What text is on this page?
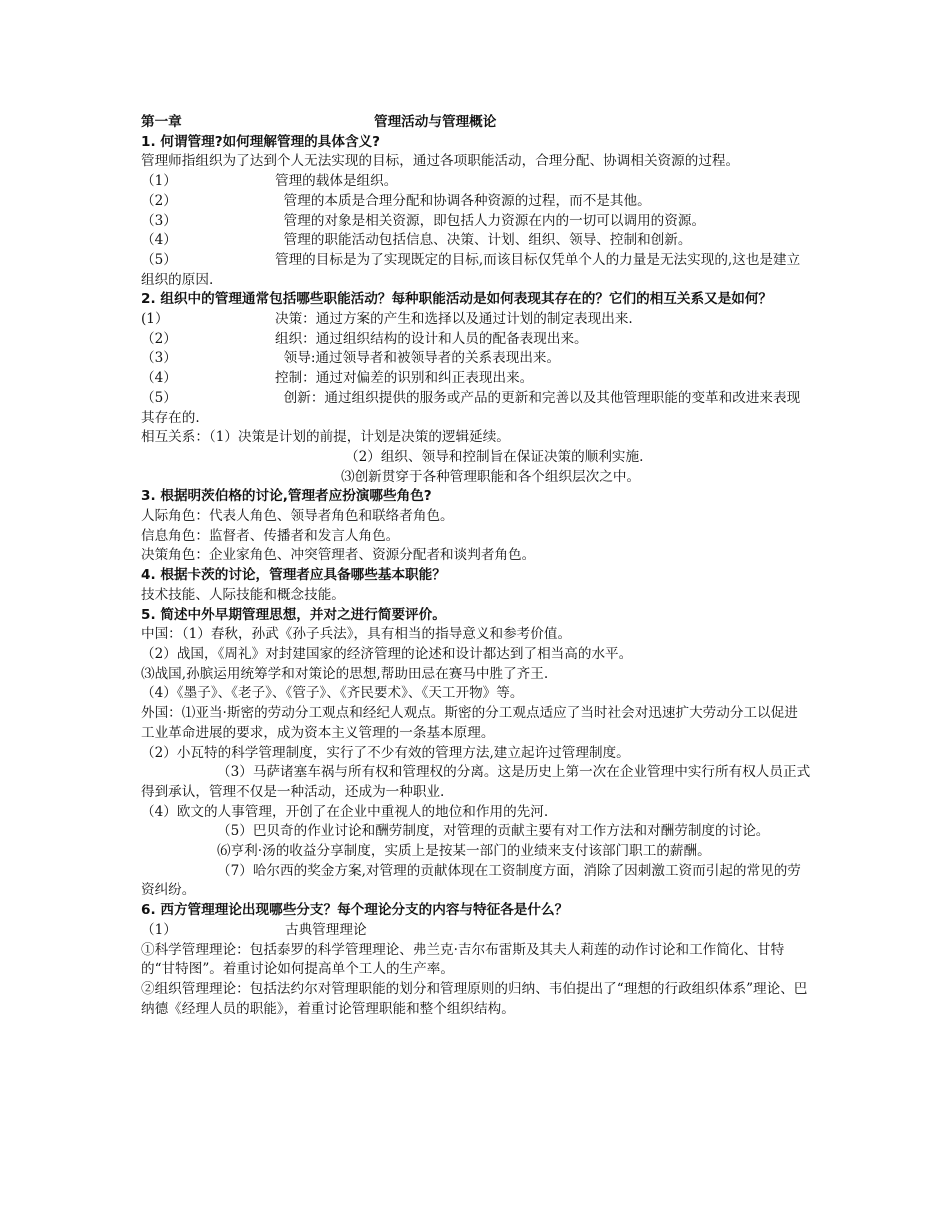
第一章	管理活动与管理概论

1. 何谓管理?如何理解管理的具体含义?

管理师指组织为了达到个人无法实现的目标，通过各项职能活动，合理分配、协调相关资源的过程。

（1）	管理的载体是组织。
（2）	管理的本质是合理分配和协调各种资源的过程，而不是其他。
（3）	管理的对象是相关资源，即包括人力资源在内的一切可以调用的资源。
（4）	管理的职能活动包括信息、决策、计划、组织、领导、控制和创新。

（5）	管理的目标是为了实现既定的目标,而该目标仅凭单个人的力量是无法实现的,这也是建立组织的原因.

2. 组织中的管理通常包括哪些职能活动？每种职能活动是如何表现其存在的？它们的相互关系又是如何？

(1）	决策：通过方案的产生和选择以及通过计划的制定表现出来.
（2）	组织：通过组织结构的设计和人员的配备表现出来。
（3）	领导:通过领导者和被领导者的关系表现出来。
（4）	控制：通过对偏差的识别和纠正表现出来。

（5）	创新：通过组织提供的服务或产品的更新和完善以及其他管理职能的变革和改进来表现其存在的.

相互关系：（1）决策是计划的前提，计划是决策的逻辑延续。

（2）组织、领导和控制旨在保证决策的顺利实施.

⑶创新贯穿于各种管理职能和各个组织层次之中。

3. 根据明茨伯格的讨论,管理者应扮演哪些角色?

人际角色：代表人角色、领导者角色和联络者角色。

信息角色：监督者、传播者和发言人角色。

决策角色：企业家角色、冲突管理者、资源分配者和谈判者角色。

4. 根据卡茨的讨论，管理者应具备哪些基本职能？

技术技能、人际技能和概念技能。

5. 简述中外早期管理思想，并对之进行简要评价。

中国：（1）春秋，孙武《孙子兵法》，具有相当的指导意义和参考价值。

（2）战国，《周礼》对封建国家的经济管理的论述和设计都达到了相当高的水平。

⑶战国,孙膑运用统筹学和对策论的思想,帮助田忌在赛马中胜了齐王.

（4）《墨子》、《老子》、《管子》、《齐民要术》、《天工开物》等。

外国：⑴亚当·斯密的劳动分工观点和经纪人观点。斯密的分工观点适应了当时社会对迅速扩大劳动分工以促进工业革命进展的要求，成为资本主义管理的一条基本原理。

（2）小瓦特的科学管理制度，实行了不少有效的管理方法,建立起许过管理制度。

（3）马萨诸塞车祸与所有权和管理权的分离。这是历史上第一次在企业管理中实行所有权人员正式得到承认，管理不仅是一种活动，还成为一种职业.

（4）欧文的人事管理，开创了在企业中重视人的地位和作用的先河.

（5）巴贝奇的作业讨论和酬劳制度，对管理的贡献主要有对工作方法和对酬劳制度的讨论。

⑹亨利·汤的收益分享制度，实质上是按某一部门的业绩来支付该部门职工的薪酬。

（7）哈尔西的奖金方案,对管理的贡献体现在工资制度方面，消除了因刺激工资而引起的常见的劳资纠纷。

6. 西方管理理论出现哪些分支？每个理论分支的内容与特征各是什么？

（1）	古典管理理论

①科学管理理论：包括泰罗的科学管理理论、弗兰克·吉尔布雷斯及其夫人莉莲的动作讨论和工作简化、甘特的“甘特图”。着重讨论如何提高单个工人的生产率。

②组织管理理论：包括法约尔对管理职能的划分和管理原则的归纳、韦伯提出了“理想的行政组织体系”理论、巴纳德《经理人员的职能》，着重讨论管理职能和整个组织结构。
